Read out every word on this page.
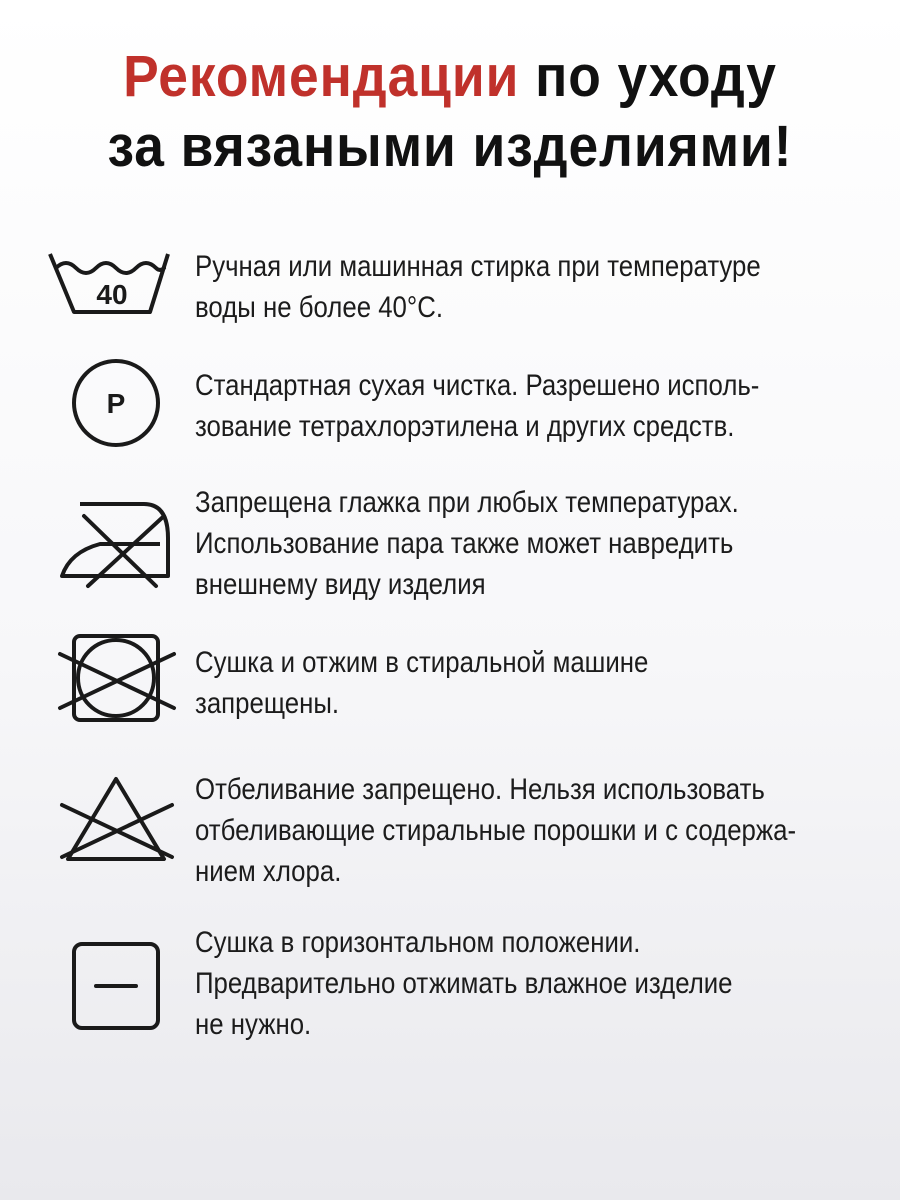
Рекомендации по уходу
за вязаными изделиями!
40
Ручная или машинная стирка при температуре
воды не более 40°С.
P
Стандартная сухая чистка. Разрешено исполь-
зование тетрахлорэтилена и других средств.
Запрещена глажка при любых температурах.
Использование пара также может навредить
внешнему виду изделия
Сушка и отжим в стиральной машине
запрещены.
Отбеливание запрещено. Нельзя использовать
отбеливающие стиральные порошки и с содержа-
нием хлора.
Сушка в горизонтальном положении.
Предварительно отжимать влажное изделие
не нужно.
